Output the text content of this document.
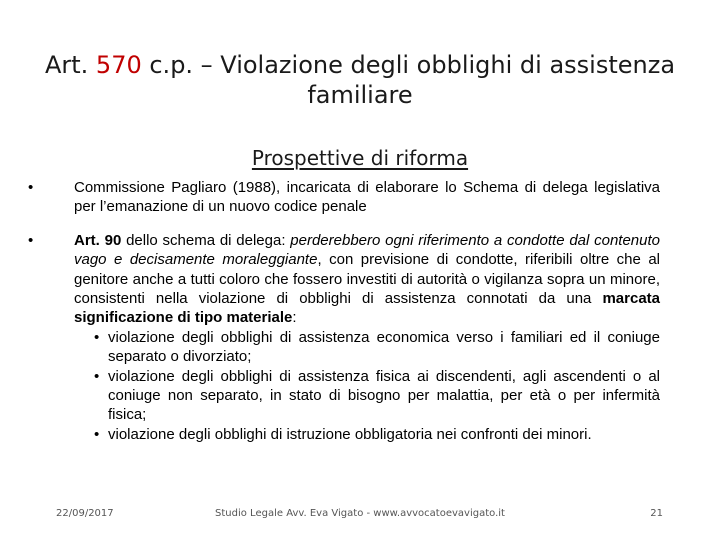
Art. 570 c.p. – Violazione degli obblighi di assistenza familiare
Prospettive di riforma
•	Commissione Pagliaro (1988), incaricata di elaborare lo Schema di delega legislativa per l’emanazione di un nuovo codice penale
•	Art. 90 dello schema di delega: perderebbero ogni riferimento a condotte dal contenuto vago e decisamente moraleggiante, con previsione di condotte, riferibili oltre che al genitore anche a tutti coloro che fossero investiti di autorità o vigilanza sopra un minore, consistenti nella violazione di obblighi di assistenza connotati da una marcata significazione di tipo materiale:
• violazione degli obblighi di assistenza economica verso i familiari ed il coniuge separato o divorziato;
• violazione degli obblighi di assistenza fisica ai discendenti, agli ascendenti o al coniuge non separato, in stato di bisogno per malattia, per età o per infermità fisica;
• violazione degli obblighi di istruzione obbligatoria nei confronti dei minori.
22/09/2017	Studio Legale Avv. Eva Vigato - www.avvocatoevavigato.it	21
